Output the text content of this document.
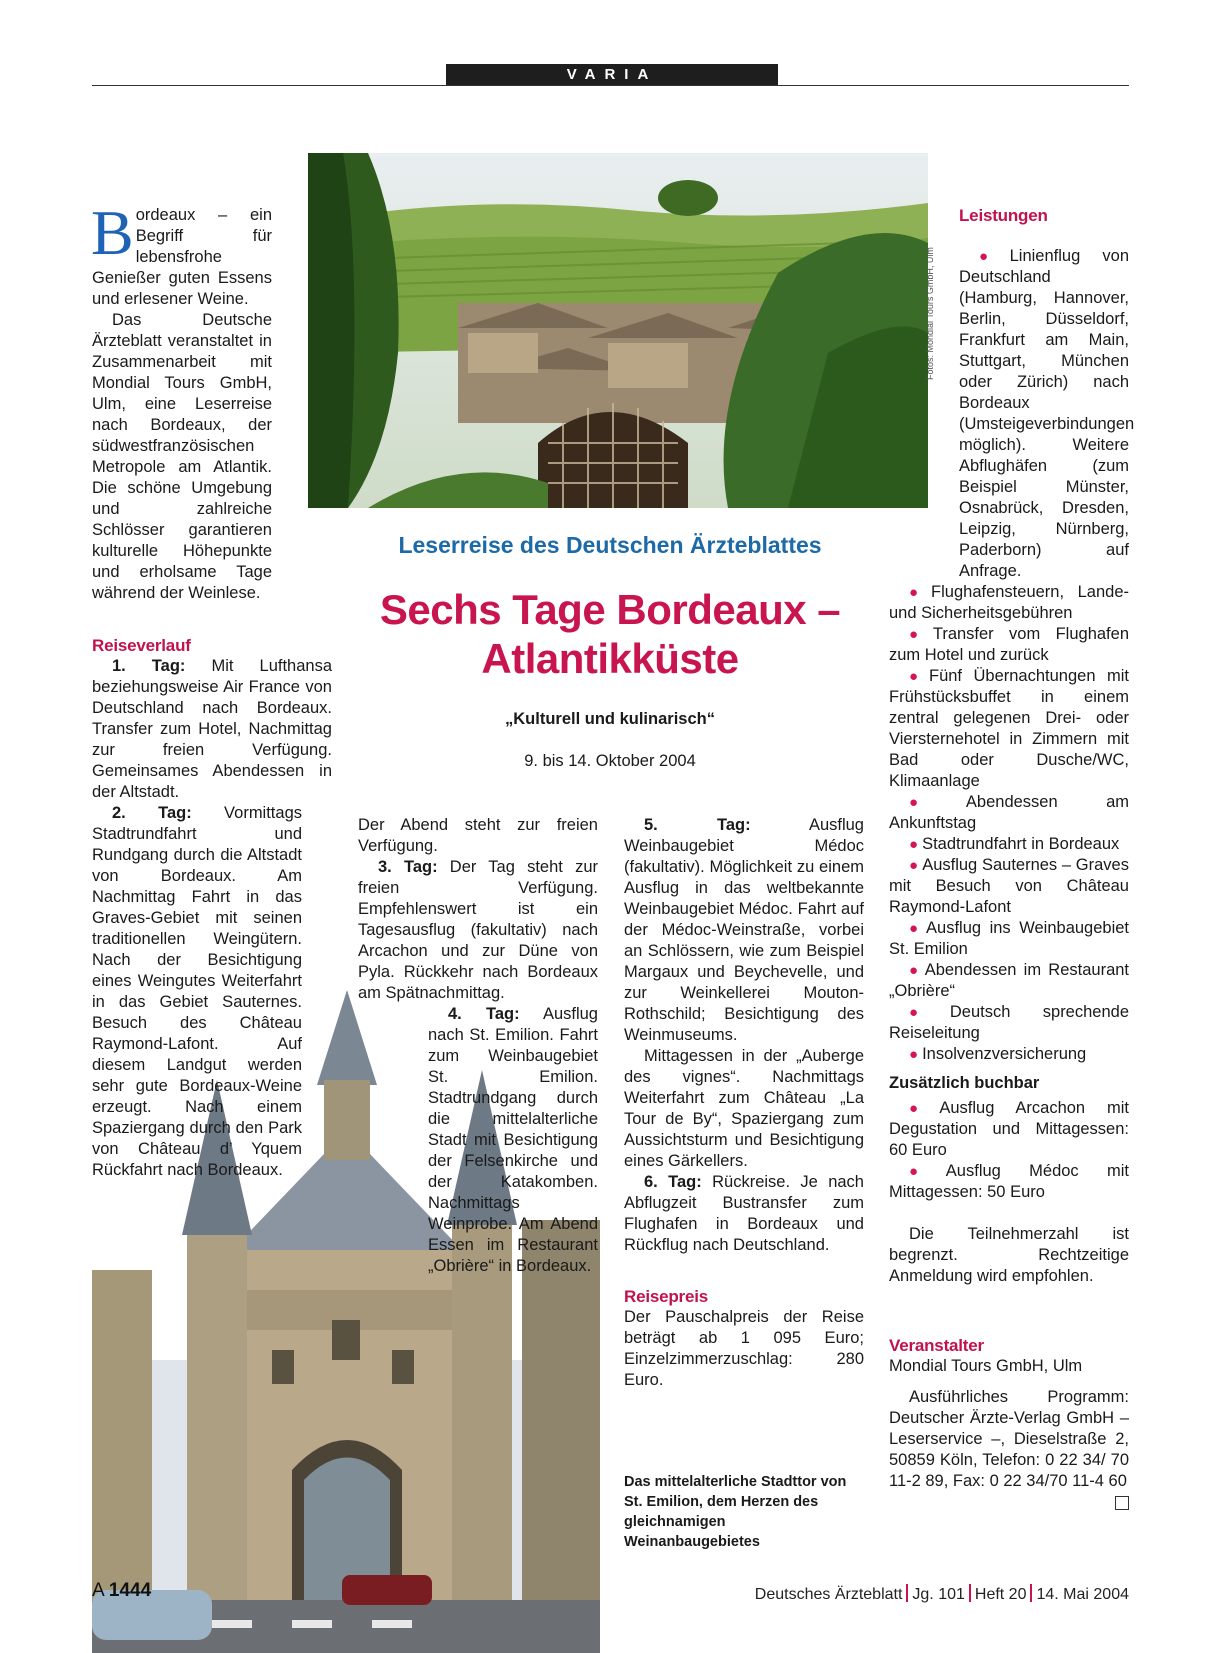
VARIA
Fotos: Mondial Tours GmbH, Ulm

Bordeaux – ein Begriff für lebensfrohe Genießer guten Essens und erlesener Weine.

Das Deutsche Ärzteblatt veranstaltet in Zusammenarbeit mit Mondial Tours GmbH, Ulm, eine Leserreise nach Bordeaux, der südwestfranzösischen Metropole am Atlantik. Die schöne Umgebung und zahlreiche Schlösser garantieren kulturelle Höhepunkte und erholsame Tage während der Weinlese.

Reiseverlauf

1. Tag: Mit Lufthansa beziehungsweise Air France von Deutschland nach Bordeaux. Transfer zum Hotel, Nachmittag zur freien Verfügung. Gemeinsames Abendessen in der Altstadt.

2. Tag: Vormittags Stadtrundfahrt und Rundgang durch die Altstadt von Bordeaux. Am Nachmittag Fahrt in das Graves-Gebiet mit seinen traditionellen Weingütern. Nach der Besichtigung eines Weingutes Weiterfahrt in das Gebiet Sauternes. Besuch des Château Raymond-Lafont. Auf diesem Landgut werden sehr gute Bordeaux-Weine erzeugt. Nach einem Spaziergang durch den Park von Château d’ Yquem Rückfahrt nach Bordeaux.

Leserreise des Deutschen Ärzteblattes
Sechs Tage Bordeaux –
Atlantikküste
„Kulturell und kulinarisch“
9. bis 14. Oktober 2004

Der Abend steht zur freien Verfügung.

3. Tag: Der Tag steht zur freien Verfügung. Empfehlenswert ist ein Tagesausflug (fakultativ) nach Arcachon und zur Düne von Pyla. Rückkehr nach Bordeaux am Spätnachmittag.

4. Tag: Ausflug nach St. Emilion. Fahrt zum Weinbaugebiet St. Emilion. Stadtrundgang durch die mittelalterliche Stadt mit Besichtigung der Felsenkirche und der Katakomben. Nachmittags Weinprobe. Am Abend Essen im Restaurant „Obrière“ in Bordeaux.

5. Tag:	Ausflug Weinbaugebiet Médoc (fakultativ). Möglichkeit zu einem Ausflug in das weltbekannte Weinbaugebiet Médoc. Fahrt auf der Médoc-Weinstraße, vorbei an Schlössern, wie zum Beispiel Margaux und Beychevelle, und zur Weinkellerei Mouton-Rothschild; Besichtigung des Weinmuseums.

Mittagessen in der „Auberge des vignes“. Nachmittags Weiterfahrt zum Château „La Tour de By“, Spaziergang zum Aussichtsturm und Besichtigung eines Gärkellers.

6. Tag: Rückreise. Je nach Abflugzeit Bustransfer zum Flughafen in Bordeaux und Rückflug nach Deutschland.

Reisepreis

Der Pauschalpreis der Reise beträgt ab 1 095 Euro; Einzelzimmerzuschlag: 280 Euro.

Das mittelalterliche Stadttor von St. Emilion, dem Herzen des gleichnamigen Weinanbaugebietes

Leistungen

● Linienflug von Deutschland (Hamburg, Hannover, Berlin, Düsseldorf, Frankfurt am Main, Stuttgart, München oder Zürich) nach Bordeaux (Umsteigeverbindungen möglich). Weitere Abflughäfen (zum Beispiel Münster, Osnabrück, Dresden, Leipzig, Nürnberg, Paderborn) auf Anfrage.

● Flughafensteuern, Lande- und Sicherheitsgebühren

● Transfer vom Flughafen zum Hotel und zurück

● Fünf Übernachtungen mit Frühstücksbuffet in einem zentral gelegenen Drei- oder Viersternehotel in Zimmern mit Bad oder Dusche/WC, Klimaanlage

● Abendessen am Ankunftstag

● Stadtrundfahrt in Bordeaux

● Ausflug Sauternes – Graves mit Besuch von Château Raymond-Lafont

● Ausflug ins Weinbaugebiet St. Emilion

● Abendessen im Restaurant „Obrière“

● Deutsch sprechende Reiseleitung

● Insolvenzversicherung

Zusätzlich buchbar

● Ausflug Arcachon mit Degustation und Mittagessen: 60 Euro

● Ausflug Médoc mit Mittagessen: 50 Euro

Die Teilnehmerzahl ist begrenzt. Rechtzeitige Anmeldung wird empfohlen.

Veranstalter

Mondial Tours GmbH, Ulm

Ausführliches Programm: Deutscher Ärzte-Verlag GmbH – Leserservice –, Dieselstraße 2, 50859 Köln, Telefon: 0 22 34/ 70 11-2 89, Fax: 0 22 34/70 11-4 60

A 1444	Deutsches Ärzteblatt Jg. 101 Heft 20 14. Mai 2004
